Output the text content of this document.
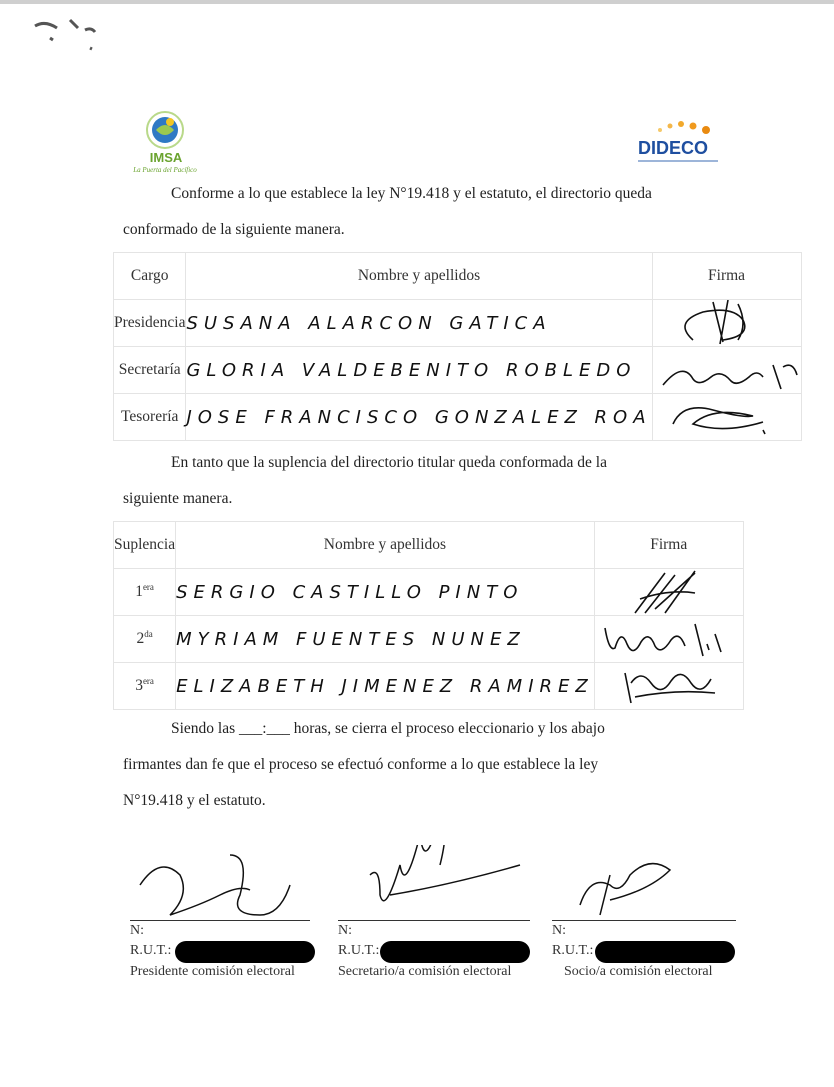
IMSA
La Puerta del Pacífico
DIDECO
Conforme a lo que establece la ley N°19.418 y el estatuto, el directorio queda
conformado de la siguiente manera.
Cargo	Nombre y apellidos	Firma
Presidencia	SUSANA ALARCON GATICA	

Secretaría	GLORIA VALDEBENITO ROBLEDO	

Tesorería	JOSE FRANCISCO GONZALEZ ROA	
En tanto que la suplencia del directorio titular queda conformada de la
siguiente manera.
Suplencia	Nombre y apellidos	Firma
$1^{era}$	SERGIO CASTILLO PINTO	

$2^{da}$	MYRIAM FUENTES NUNEZ	

$3^{era}$	ELIZABETH JIMENEZ RAMIREZ	
Siendo las ___:___ horas, se cierra el proceso eleccionario y los abajo
firmantes dan fe que el proceso se efectuó conforme a lo que establece la ley
N°19.418 y el estatuto.
N:
R.U.T.:
Presidente comisión electoral
N:
R.U.T.:
Secretario/a comisión electoral
N:
R.U.T.:
Socio/a comisión electoral
